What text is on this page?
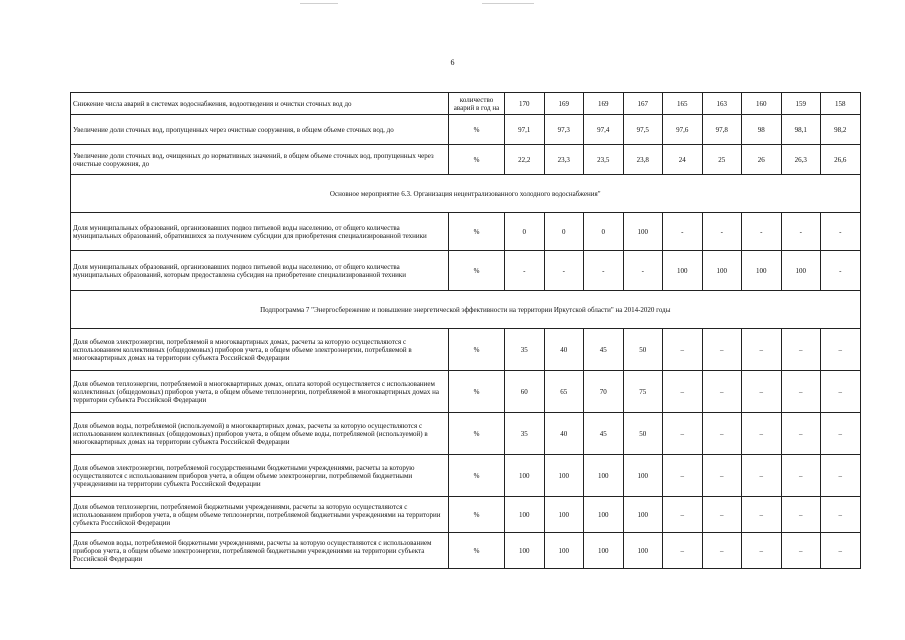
6
Снижение числа аварий в системах водоснабжения, водоотведения и очистки сточных вод до	количество аварий в год на	170	169	169	167	165	163	160	159	158
Увеличение доли сточных вод, пропущенных через очистные сооружения, в общем объеме сточных вод, до	%	97,1	97,3	97,4	97,5	97,6	97,8	98	98,1	98,2
Увеличение доли сточных вод, очищенных до нормативных значений, в общем объеме сточных вод, пропущенных через очистные сооружения, до	%	22,2	23,3	23,5	23,8	24	25	26	26,3	26,6
Основное мероприятие 6.3. Организация нецентрализованного холодного водоснабжения"										
Доля муниципальных образований, организовавших подвоз питьевой воды населению, от общего количества муниципальных образований, обратившихся за получением субсидии для приобретения специализированной техники	%	0	0	0	100	-	-	-	-	-
Доля муниципальных образований, организовавших подвоз питьевой воды населению, от общего количества муниципальных образований, которым предоставлена субсидия на приобретение специализированной техники	%	-	-	-	-	100	100	100	100	-
Подпрограмма 7 "Энергосбережение и повышение энергетической эффективности на территории Иркутской области" на 2014-2020 годы										
Доля объемов электроэнергии, потребляемой в многоквартирных домах, расчеты за которую осуществляются с использованием коллективных (общедомовых) приборов учета, в общем объеме электроэнергии, потребляемой в многоквартирных домах на территории субъекта Российской Федерации	%	35	40	45	50	–	–	–	–	–
Доля объемов теплоэнергии, потребляемой в многоквартирных домах, оплата которой осуществляется с использованием коллективных (общедомовых) приборов учета, в общем объеме теплоэнергии, потребляемой в многоквартирных домах на территории субъекта Российской Федерации	%	60	65	70	75	–	–	–	–	–
Доля объемов воды, потребляемой (используемой) в многоквартирных домах, расчеты за которую осуществляются с использованием коллективных (общедомовых) приборов учета, в общем объеме воды, потребляемой (используемой) в многоквартирных домах на территории субъекта Российской Федерации	%	35	40	45	50	–	–	–	–	–
Доля объемов электроэнергии, потребляемой государственными бюджетными учреждениями, расчеты за которую осуществляются с использованием приборов учета, в общем объеме электроэнергии, потребляемой бюджетными учреждениями на территории субъекта Российской Федерации	%	100	100	100	100	–	–	–	–	–
Доля объемов теплоэнергии, потребляемой бюджетными учреждениями, расчеты за которую осуществляются с использованием приборов учета, в общем объеме теплоэнергии, потребляемой бюджетными учреждениями на территории субъекта Российской Федерации	%	100	100	100	100	–	–	–	–	–
Доля объемов воды, потребляемой бюджетными учреждениями, расчеты за которую осуществляются с использованием приборов учета, в общем объеме электроэнергии, потребляемой бюджетными учреждениями на территории субъекта Российской Федерации	%	100	100	100	100	–	–	–	–	–
